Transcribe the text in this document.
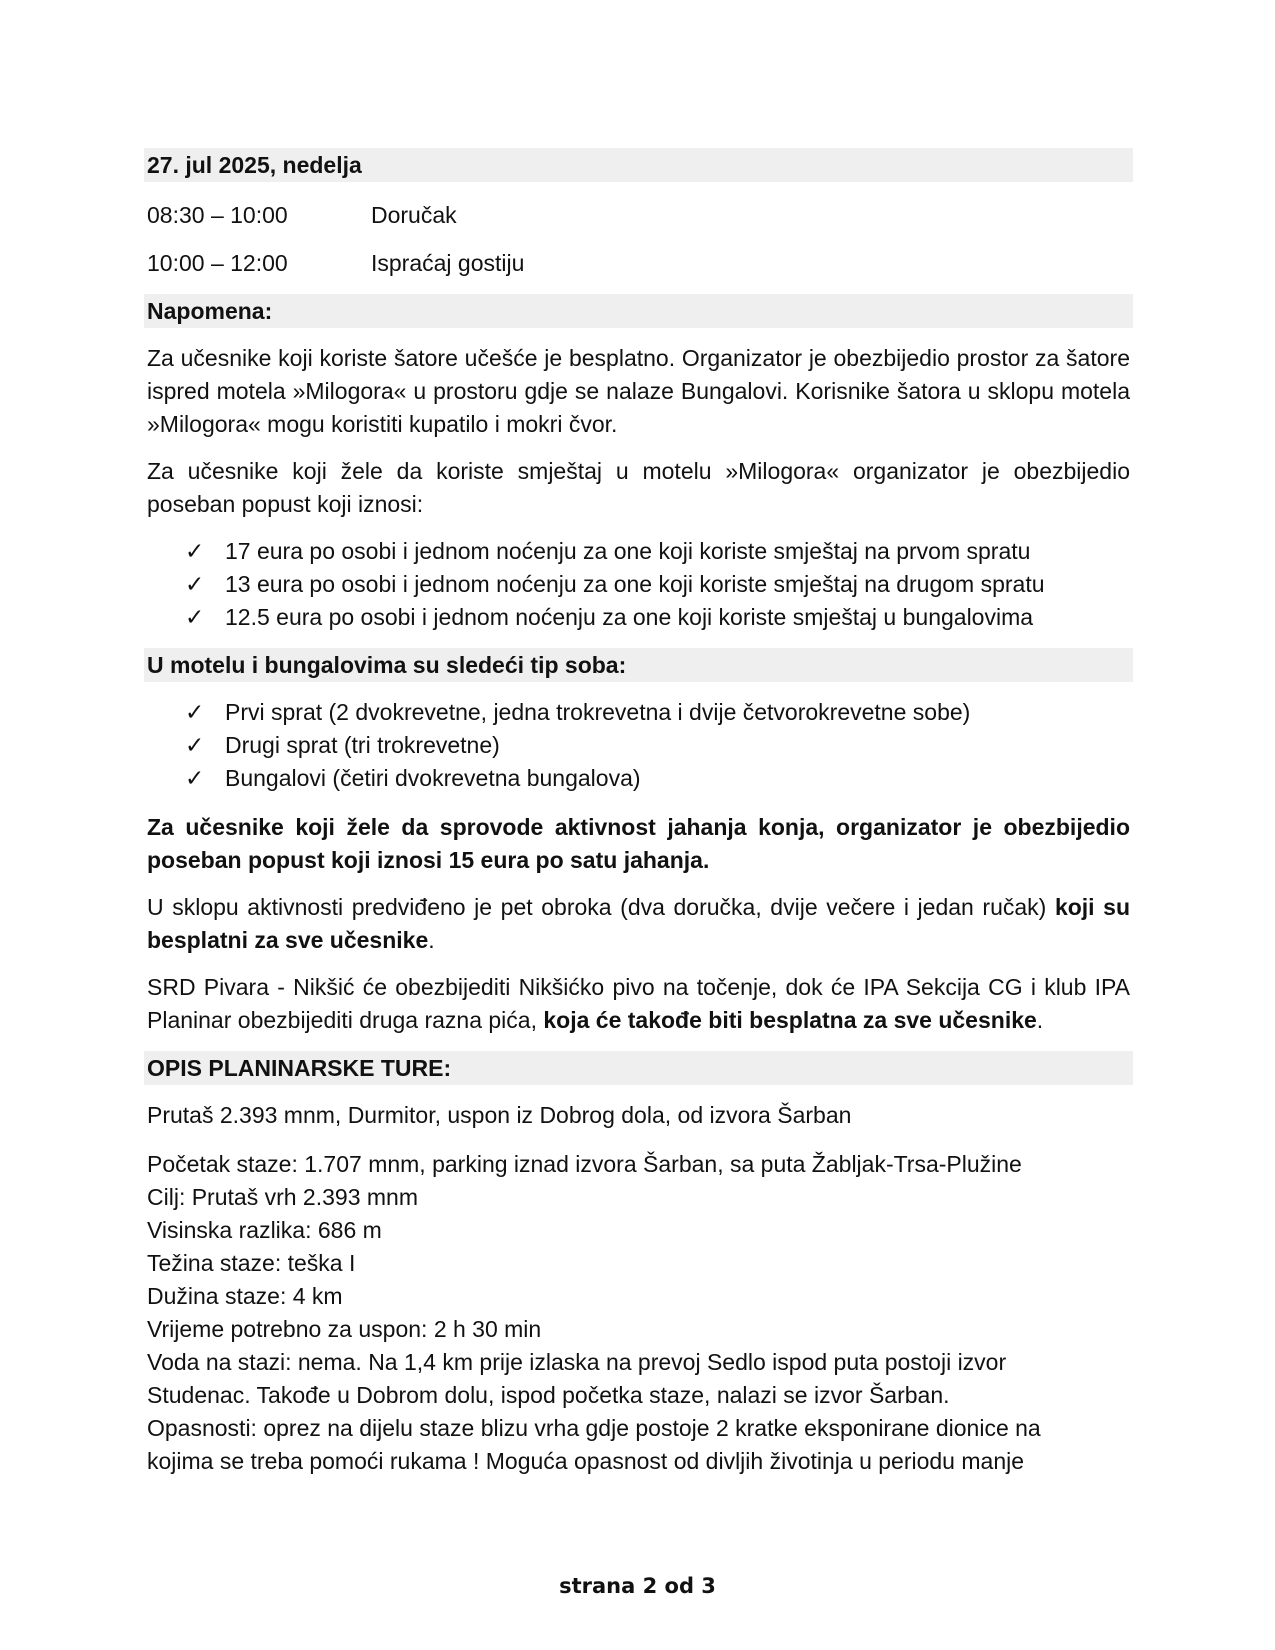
27. jul 2025, nedelja
08:30 – 10:00	Doručak
10:00 – 12:00	Ispraćaj gostiju
Napomena:
Za učesnike koji koriste šatore učešće je besplatno. Organizator je obezbijedio prostor za šatore ispred motela »Milogora« u prostoru gdje se nalaze Bungalovi. Korisnike šatora u sklopu motela »Milogora« mogu koristiti kupatilo i mokri čvor.
Za učesnike koji žele da koriste smještaj u motelu »Milogora« organizator je obezbijedio poseban popust koji iznosi:
✓ 17 eura po osobi i jednom noćenju za one koji koriste smještaj na prvom spratu
✓ 13 eura po osobi i jednom noćenju za one koji koriste smještaj na drugom spratu
✓ 12.5 eura po osobi i jednom noćenju za one koji koriste smještaj u bungalovima
U motelu i bungalovima su sledeći tip soba:
✓ Prvi sprat (2 dvokrevetne, jedna trokrevetna i dvije četvorokrevetne sobe)
✓ Drugi sprat (tri trokrevetne)
✓ Bungalovi (četiri dvokrevetna bungalova)
Za učesnike koji žele da sprovode aktivnost jahanja konja, organizator je obezbijedio poseban popust koji iznosi 15 eura po satu jahanja.
U sklopu aktivnosti predviđeno je pet obroka (dva doručka, dvije večere i jedan ručak) koji su besplatni za sve učesnike.
SRD Pivara - Nikšić će obezbijediti Nikšićko pivo na točenje, dok će IPA Sekcija CG i klub IPA Planinar obezbijediti druga razna pića, koja će takođe biti besplatna za sve učesnike.
OPIS PLANINARSKE TURE:
Prutaš 2.393 mnm, Durmitor, uspon iz Dobrog dola, od izvora Šarban
Početak staze: 1.707 mnm, parking iznad izvora Šarban, sa puta Žabljak-Trsa-Plužine
Cilj: Prutaš vrh 2.393 mnm
Visinska razlika: 686 m
Težina staze: teška I
Dužina staze: 4 km
Vrijeme potrebno za uspon: 2 h 30 min
Voda na stazi: nema. Na 1,4 km prije izlaska na prevoj Sedlo ispod puta postoji izvor
Studenac. Takođe u Dobrom dolu, ispod početka staze, nalazi se izvor Šarban.
Opasnosti: oprez na dijelu staze blizu vrha gdje postoje 2 kratke eksponirane dionice na
kojima se treba pomoći rukama ! Moguća opasnost od divljih životinja u periodu manje
strana 2 od 3
